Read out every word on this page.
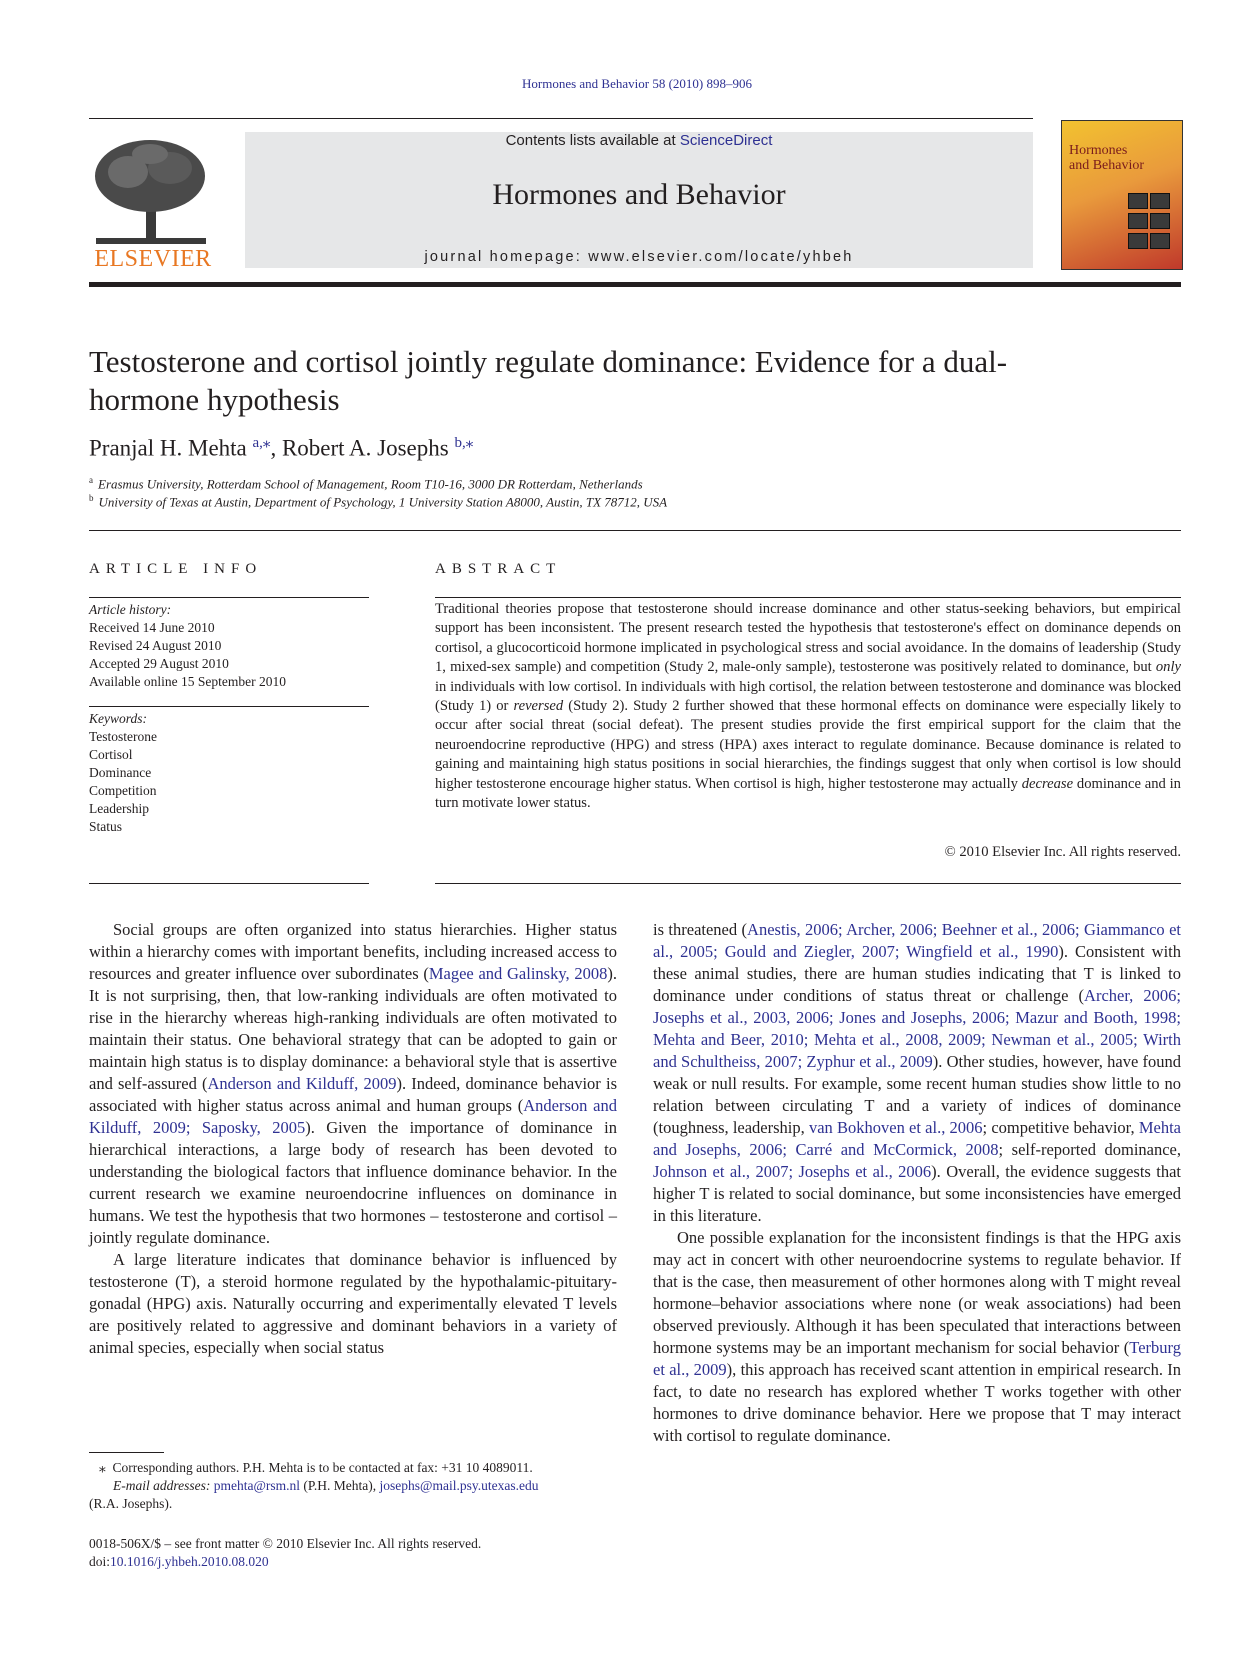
Hormones and Behavior 58 (2010) 898–906
ELSEVIER
Contents lists available at ScienceDirect
Hormones and Behavior
journal homepage: www.elsevier.com/locate/yhbeh
Hormones
and Behavior
Testosterone and cortisol jointly regulate dominance: Evidence for a dual-hormone hypothesis
Pranjal H. Mehta $^{a,⁎}$, Robert A. Josephs $^{b,⁎}$
$^a$ Erasmus University, Rotterdam School of Management, Room T10-16, 3000 DR Rotterdam, Netherlands
$^b$ University of Texas at Austin, Department of Psychology, 1 University Station A8000, Austin, TX 78712, USA
ARTICLE INFO
Article history:
Received 14 June 2010
Revised 24 August 2010
Accepted 29 August 2010
Available online 15 September 2010
Keywords:
Testosterone
Cortisol
Dominance
Competition
Leadership
Status
ABSTRACT
Traditional theories propose that testosterone should increase dominance and other status-seeking behaviors, but empirical support has been inconsistent. The present research tested the hypothesis that testosterone's effect on dominance depends on cortisol, a glucocorticoid hormone implicated in psychological stress and social avoidance. In the domains of leadership (Study 1, mixed-sex sample) and competition (Study 2, male-only sample), testosterone was positively related to dominance, but only in individuals with low cortisol. In individuals with high cortisol, the relation between testosterone and dominance was blocked (Study 1) or reversed (Study 2). Study 2 further showed that these hormonal effects on dominance were especially likely to occur after social threat (social defeat). The present studies provide the first empirical support for the claim that the neuroendocrine reproductive (HPG) and stress (HPA) axes interact to regulate dominance. Because dominance is related to gaining and maintaining high status positions in social hierarchies, the findings suggest that only when cortisol is low should higher testosterone encourage higher status. When cortisol is high, higher testosterone may actually decrease dominance and in turn motivate lower status.
© 2010 Elsevier Inc. All rights reserved.

Social groups are often organized into status hierarchies. Higher status within a hierarchy comes with important benefits, including increased access to resources and greater influence over subordinates (Magee and Galinsky, 2008). It is not surprising, then, that low-ranking individuals are often motivated to rise in the hierarchy whereas high-ranking individuals are often motivated to maintain their status. One behavioral strategy that can be adopted to gain or maintain high status is to display dominance: a behavioral style that is assertive and self-assured (Anderson and Kilduff, 2009). Indeed, dominance behavior is associated with higher status across animal and human groups (Anderson and Kilduff, 2009; Saposky, 2005). Given the importance of dominance in hierarchical interactions, a large body of research has been devoted to understanding the biological factors that influence dominance behavior. In the current research we examine neuroendocrine influences on dominance in humans. We test the hypothesis that two hormones – testosterone and cortisol – jointly regulate dominance.

A large literature indicates that dominance behavior is influenced by testosterone (T), a steroid hormone regulated by the hypothalamic-pituitary-gonadal (HPG) axis. Naturally occurring and experimentally elevated T levels are positively related to aggressive and dominant behaviors in a variety of animal species, especially when social status

is threatened (Anestis, 2006; Archer, 2006; Beehner et al., 2006; Giammanco et al., 2005; Gould and Ziegler, 2007; Wingfield et al., 1990). Consistent with these animal studies, there are human studies indicating that T is linked to dominance under conditions of status threat or challenge (Archer, 2006; Josephs et al., 2003, 2006; Jones and Josephs, 2006; Mazur and Booth, 1998; Mehta and Beer, 2010; Mehta et al., 2008, 2009; Newman et al., 2005; Wirth and Schultheiss, 2007; Zyphur et al., 2009). Other studies, however, have found weak or null results. For example, some recent human studies show little to no relation between circulating T and a variety of indices of dominance (toughness, leadership, van Bokhoven et al., 2006; competitive behavior, Mehta and Josephs, 2006; Carré and McCormick, 2008; self-reported dominance, Johnson et al., 2007; Josephs et al., 2006). Overall, the evidence suggests that higher T is related to social dominance, but some inconsistencies have emerged in this literature.

One possible explanation for the inconsistent findings is that the HPG axis may act in concert with other neuroendocrine systems to regulate behavior. If that is the case, then measurement of other hormones along with T might reveal hormone–behavior associations where none (or weak associations) had been observed previously. Although it has been speculated that interactions between hormone systems may be an important mechanism for social behavior (Terburg et al., 2009), this approach has received scant attention in empirical research. In fact, to date no research has explored whether T works together with other hormones to drive dominance behavior. Here we propose that T may interact with cortisol to regulate dominance.

⁎ Corresponding authors. P.H. Mehta is to be contacted at fax: +31 10 4089011.
E-mail addresses: pmehta@rsm.nl (P.H. Mehta), josephs@mail.psy.utexas.edu
(R.A. Josephs).
0018-506X/$ – see front matter © 2010 Elsevier Inc. All rights reserved.
doi:10.1016/j.yhbeh.2010.08.020
